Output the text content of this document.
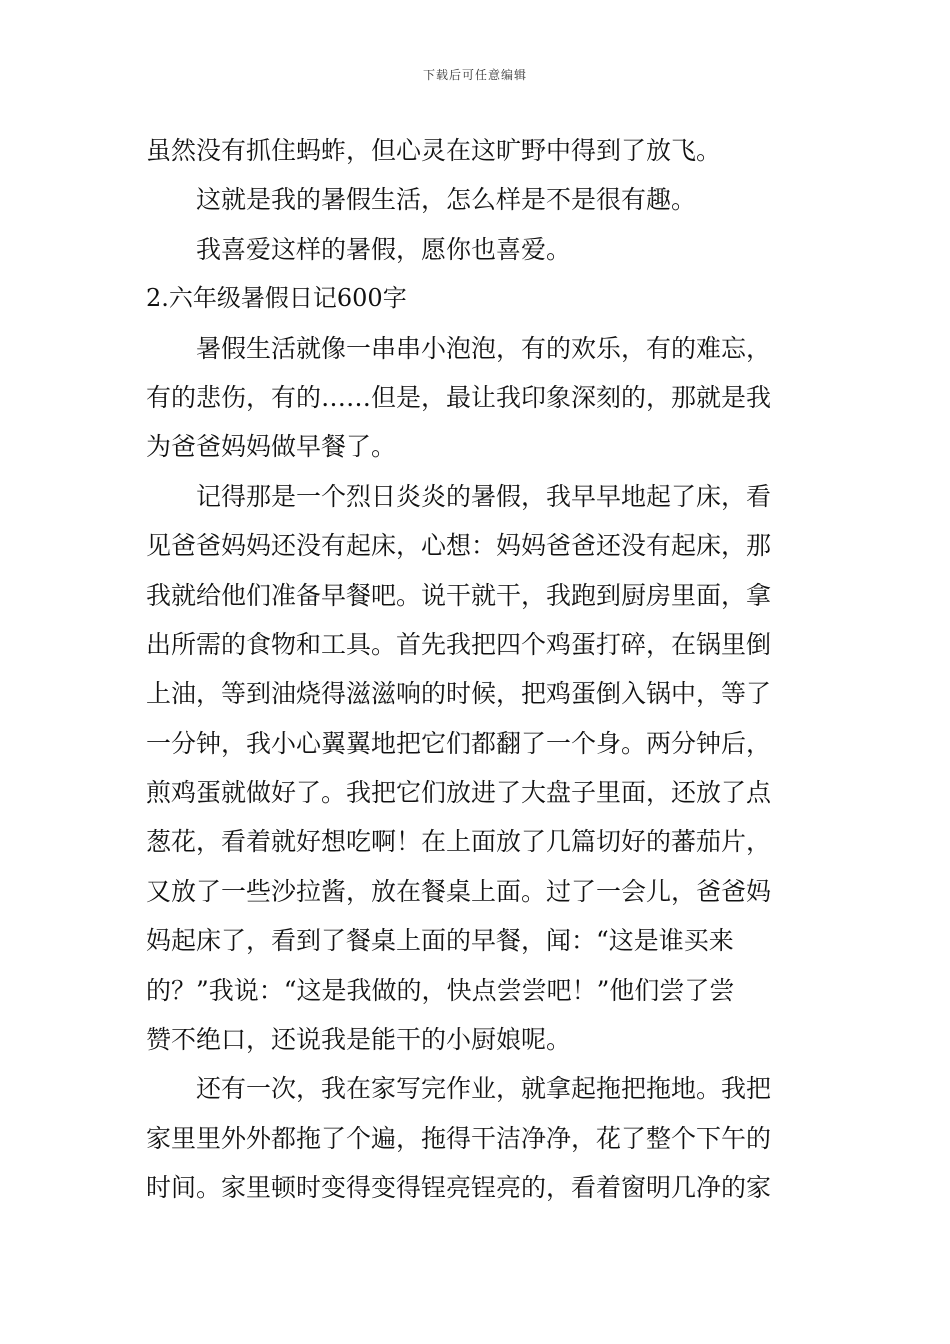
下载后可任意编辑
虽然没有抓住蚂蚱，但心灵在这旷野中得到了放飞。
这就是我的暑假生活，怎么样是不是很有趣。
我喜爱这样的暑假，愿你也喜爱。
2.六年级暑假日记600字
暑假生活就像一串串小泡泡，有的欢乐，有的难忘，
有的悲伤，有的……但是，最让我印象深刻的，那就是我
为爸爸妈妈做早餐了。
记得那是一个烈日炎炎的暑假，我早早地起了床，看
见爸爸妈妈还没有起床，心想：妈妈爸爸还没有起床，那
我就给他们准备早餐吧。说干就干，我跑到厨房里面，拿
出所需的食物和工具。首先我把四个鸡蛋打碎，在锅里倒
上油，等到油烧得滋滋响的时候，把鸡蛋倒入锅中，等了
一分钟，我小心翼翼地把它们都翻了一个身。两分钟后，
煎鸡蛋就做好了。我把它们放进了大盘子里面，还放了点
葱花，看着就好想吃啊！在上面放了几篇切好的蕃茄片，
又放了一些沙拉酱，放在餐桌上面。过了一会儿，爸爸妈
妈起床了，看到了餐桌上面的早餐，闻：“这是谁买来
的？”我说：“这是我做的，快点尝尝吧！”他们尝了尝
赞不绝口，还说我是能干的小厨娘呢。
还有一次，我在家写完作业，就拿起拖把拖地。我把
家里里外外都拖了个遍，拖得干洁净净，花了整个下午的
时间。家里顿时变得变得锃亮锃亮的，看着窗明几净的家
